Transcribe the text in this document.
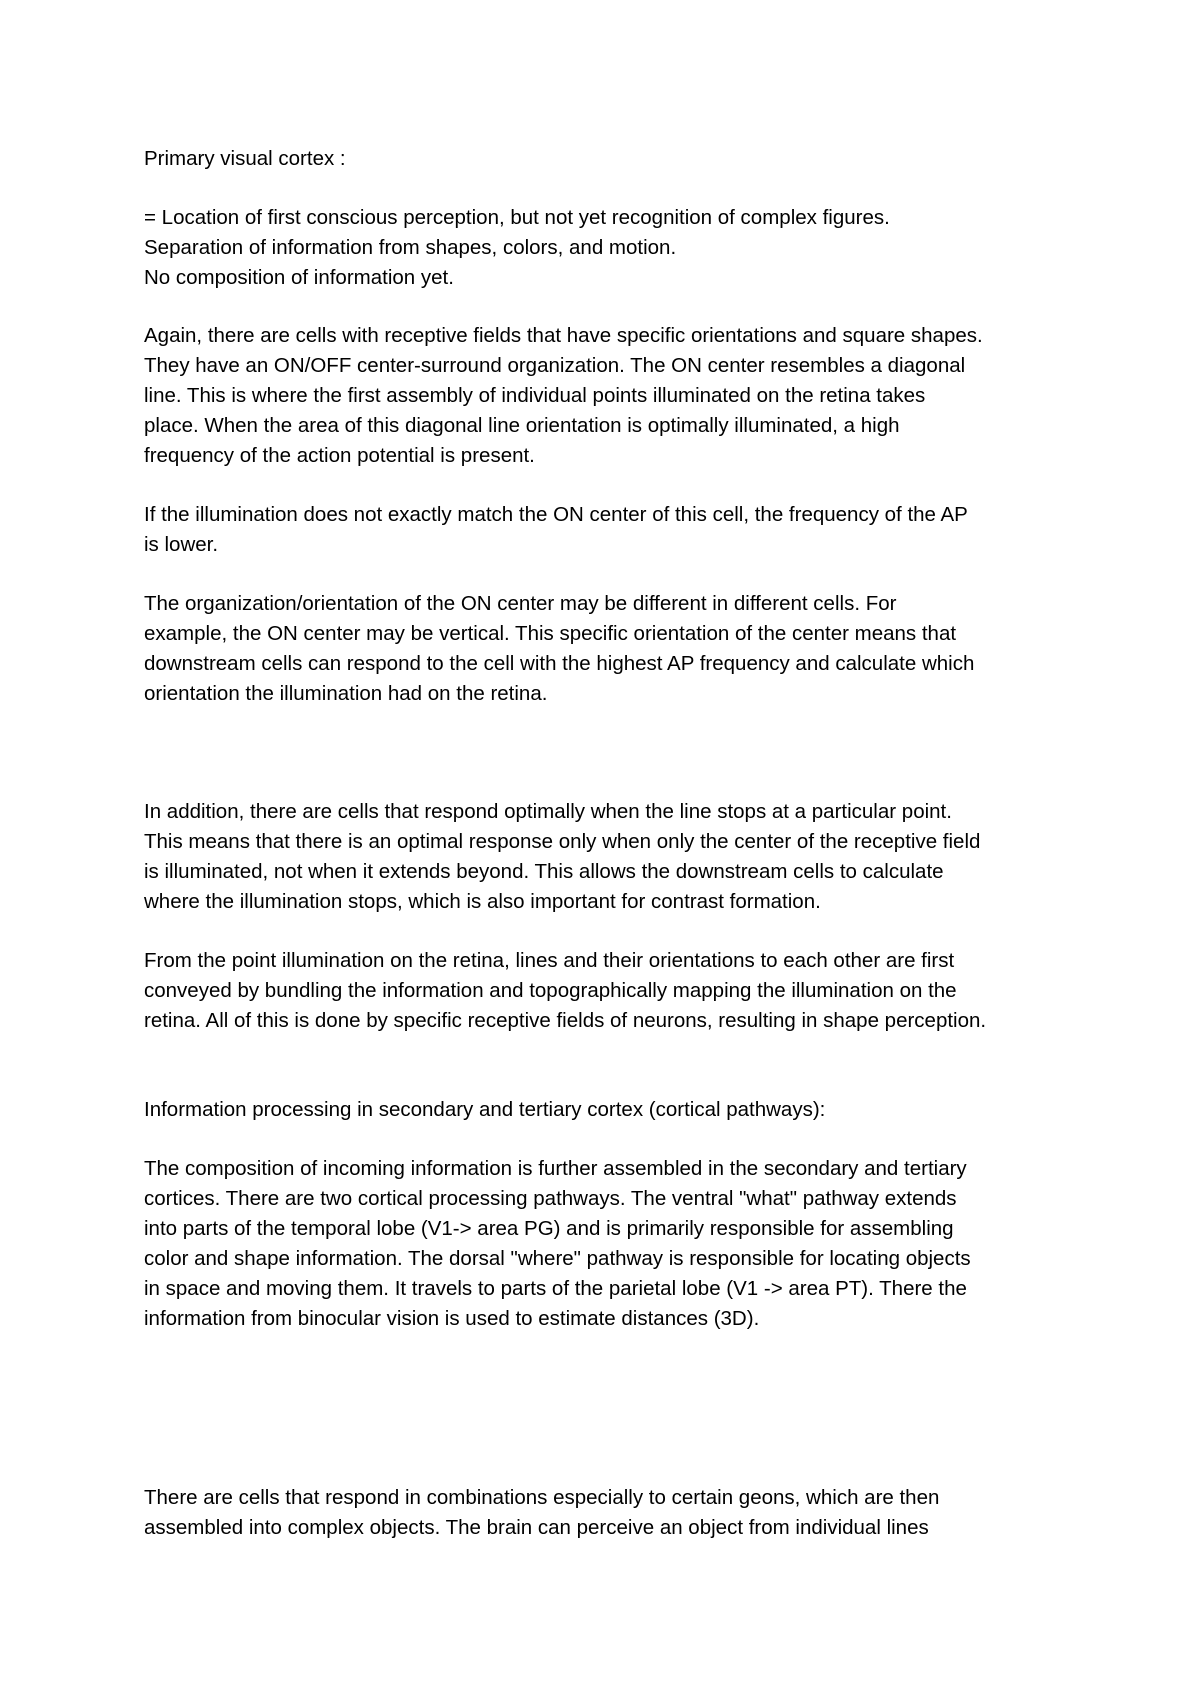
Primary visual cortex :

= Location of first conscious perception, but not yet recognition of complex figures.

Separation of information from shapes, colors, and motion.

No composition of information yet.

Again, there are cells with receptive fields that have specific orientations and square shapes.

They have an ON/OFF center-surround organization. The ON center resembles a diagonal

line. This is where the first assembly of individual points illuminated on the retina takes

place. When the area of this diagonal line orientation is optimally illuminated, a high

frequency of the action potential is present.

If the illumination does not exactly match the ON center of this cell, the frequency of the AP

is lower.

The organization/orientation of the ON center may be different in different cells. For

example, the ON center may be vertical. This specific orientation of the center means that

downstream cells can respond to the cell with the highest AP frequency and calculate which

orientation the illumination had on the retina.

In addition, there are cells that respond optimally when the line stops at a particular point.

This means that there is an optimal response only when only the center of the receptive field

is illuminated, not when it extends beyond. This allows the downstream cells to calculate

where the illumination stops, which is also important for contrast formation.

From the point illumination on the retina, lines and their orientations to each other are first

conveyed by bundling the information and topographically mapping the illumination on the

retina. All of this is done by specific receptive fields of neurons, resulting in shape perception.

Information processing in secondary and tertiary cortex (cortical pathways):

The composition of incoming information is further assembled in the secondary and tertiary

cortices. There are two cortical processing pathways. The ventral "what" pathway extends

into parts of the temporal lobe (V1-> area PG) and is primarily responsible for assembling

color and shape information. The dorsal "where" pathway is responsible for locating objects

in space and moving them. It travels to parts of the parietal lobe (V1 -> area PT). There the

information from binocular vision is used to estimate distances (3D).

There are cells that respond in combinations especially to certain geons, which are then

assembled into complex objects. The brain can perceive an object from individual lines
